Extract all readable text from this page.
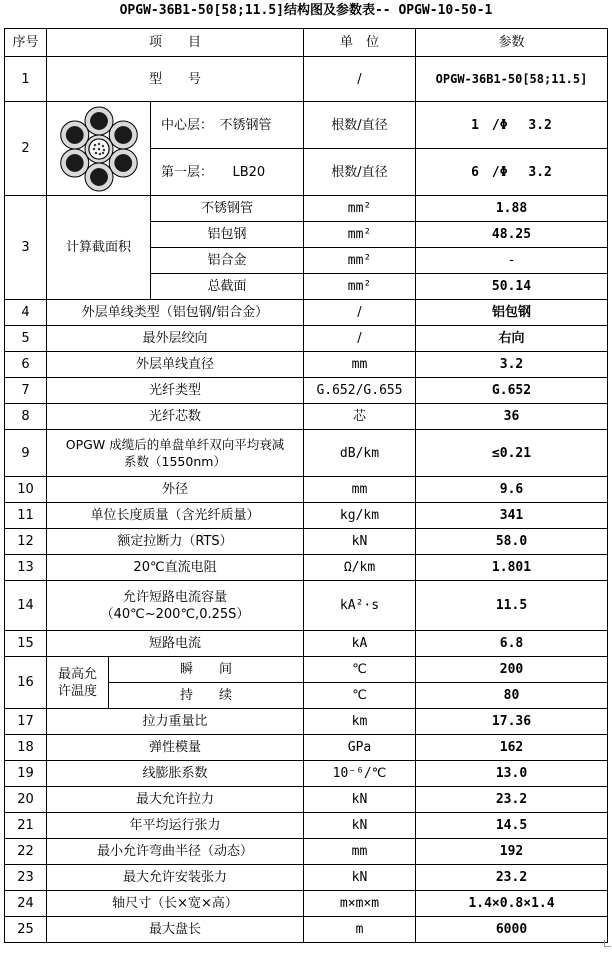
OPGW-36B1-50[58;11.5]结构图及参数表-- OPGW-10-50-1
序号	项　　目			单　位	参数
1	型　　号			/	OPGW-36B1-50[58;11.5]
2			中心层：　不锈钢管	根数/直径	1　/Φ　 3.2
			第一层：　　LB20	根数/直径	6　/Φ　 3.2
3	计算截面积		不锈钢管	mm²	1.88
			铝包钢	mm²	48.25
			铝合金	mm²	-
			总截面	mm²	50.14
4	外层单线类型（铝包钢/铝合金）			/	铝包钢
5	最外层绞向			/	右向
6	外层单线直径			mm	3.2
7	光纤类型			G.652/G.655	G.652
8	光纤芯数			芯	36
9	OPGW 成缆后的单盘单纤双向平均衰减
系数（1550nm）			dB/km	≤0.21
10	外径			mm	9.6
11	单位长度质量（含光纤质量）			kg/km	341
12	额定拉断力（RTS）			kN	58.0
13	20℃直流电阻			Ω/km	1.801
14	允许短路电流容量
（40℃~200℃,0.25S）			kA²·s	11.5
15	短路电流			kA	6.8
16	最高允
许温度	瞬　　间		℃	200
		持　　续		℃	80
17	拉力重量比			km	17.36
18	弹性模量			GPa	162
19	线膨胀系数			10⁻⁶/℃	13.0
20	最大允许拉力			kN	23.2
21	年平均运行张力			kN	14.5
22	最小允许弯曲半径（动态）			mm	192
23	最大允许安装张力			kN	23.2
24	轴尺寸（长×宽×高）			m×m×m	1.4×0.8×1.4
25	最大盘长			m	6000
